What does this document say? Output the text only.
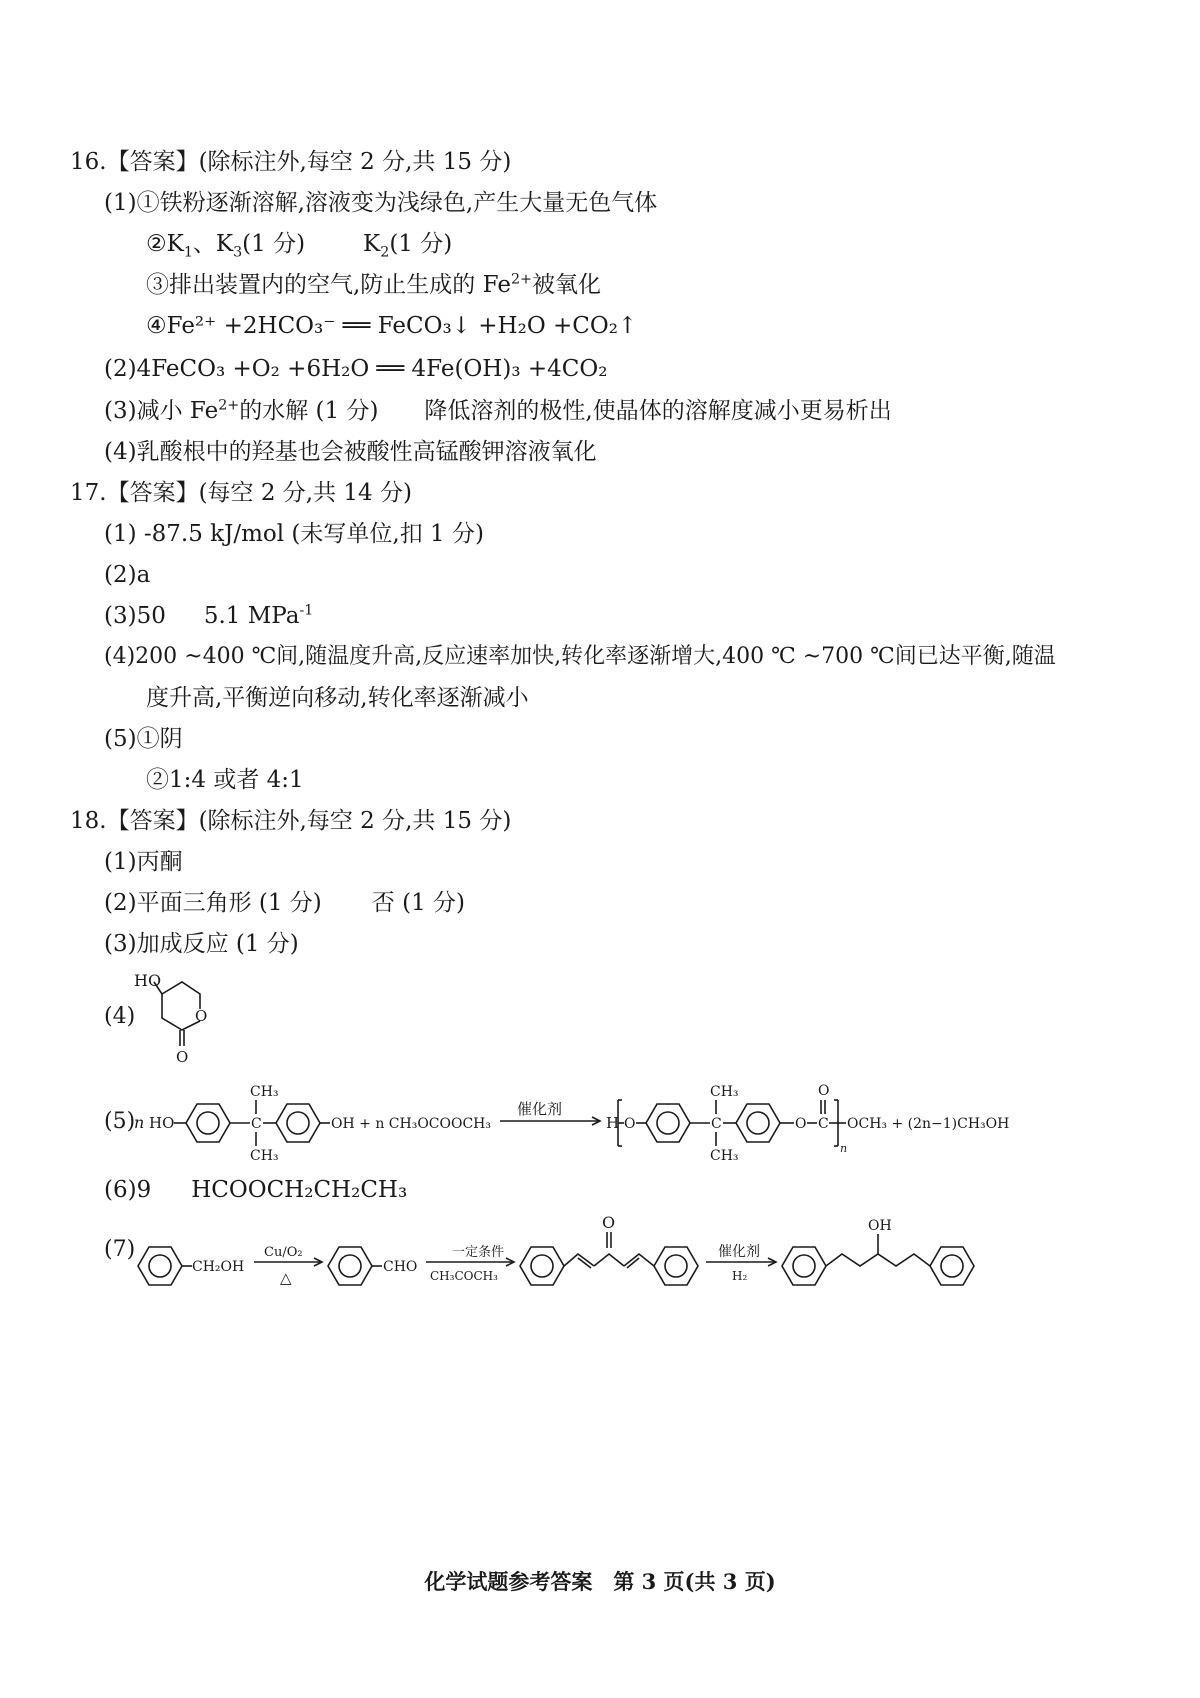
16.【答案】(除标注外,每空 2 分,共 15 分)
(1)①铁粉逐渐溶解,溶液变为浅绿色,产生大量无色气体
$②K_1$、$K_3(1$ 分)	$K_2(1$ 分)
③排出装置内的空气,防止生成的 $Fe^{2+}$被氧化
④Fe²⁺ +2HCO₃⁻ ══ FeCO₃↓ +H₂O +CO₂↑
(2)4FeCO₃ +O₂ +6H₂O ══ 4Fe(OH)₃ +4CO₂
(3)减小 $Fe^{2+}$的水解 (1 分) 降低溶剂的极性,使晶体的溶解度减小更易析出
(4)乳酸根中的羟基也会被酸性高锰酸钾溶液氧化
17.【答案】(每空 2 分,共 14 分)
(1) -87.5 kJ/mol (未写单位,扣 1 分)
(2)a
(3)50 5.1 MPa$^{-1}$
(4)200 ~400 ℃间,随温度升高,反应速率加快,转化率逐渐增大,400 ℃ ~700 ℃间已达平衡,随温
度升高,平衡逆向移动,转化率逐渐减小
(5)①阴
②1:4 或者 4:1
18.【答案】(除标注外,每空 2 分,共 15 分)
(1)丙酮
(2)平面三角形 (1 分) 否 (1 分)
(3)加成反应 (1 分)
(4)
HO
O
O
(5)
n HO
CH₃
C
CH₃
OH + n CH₃OCOOCH₃
催化剂
H O
CH₃
C
CH₃
O C
O
n
OCH₃ + (2n−1)CH₃OH
(6)9 HCOOCH₂CH₂CH₃
(7)
CH₂OH
Cu/O₂
△
CHO
一定条件
CH₃COCH₃
O
催化剂
H₂
OH
化学试题参考答案　第 3 页(共 3 页)
